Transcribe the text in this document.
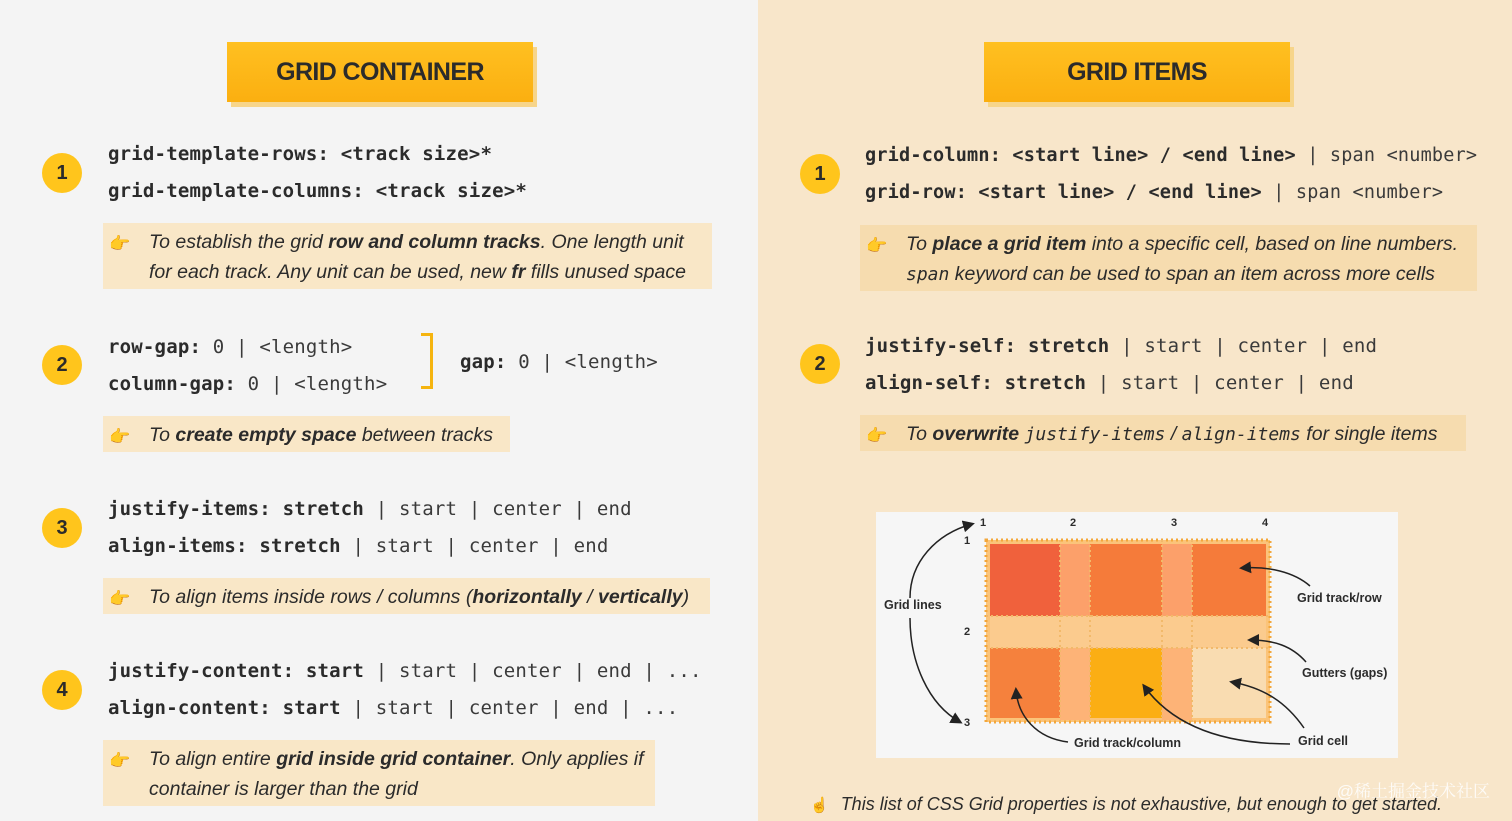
GRID CONTAINER
1
grid-template-rows: <track size>*
grid-template-columns: <track size>*
👉 To establish the grid row and column tracks. One length unit
for each track. Any unit can be used, new fr fills unused space
2
row-gap: 0 | <length>
column-gap: 0 | <length>
gap: 0 | <length>
👉 To create empty space between tracks
3
justify-items: stretch | start | center | end
align-items: stretch | start | center | end
👉 To align items inside rows / columns (horizontally / vertically)
4
justify-content: start | start | center | end | ...
align-content: start | start | center | end | ...
👉 To align entire grid inside grid container. Only applies if
container is larger than the grid
GRID ITEMS
1
grid-column: <start line> / <end line> | span <number>
grid-row: <start line> / <end line> | span <number>
👉 To place a grid item into a specific cell, based on line numbers.
span keyword can be used to span an item across more cells
2
justify-self: stretch | start | center | end
align-self: stretch | start | center | end
👉 To overwrite justify-items / align-items for single items
1	2	3	4
1
2
3
Grid lines	Grid track/row
Gutters (gaps)
Grid cell
Grid track/column
☝ This list of CSS Grid properties is not exhaustive, but enough to get started.
@稀土掘金技术社区
